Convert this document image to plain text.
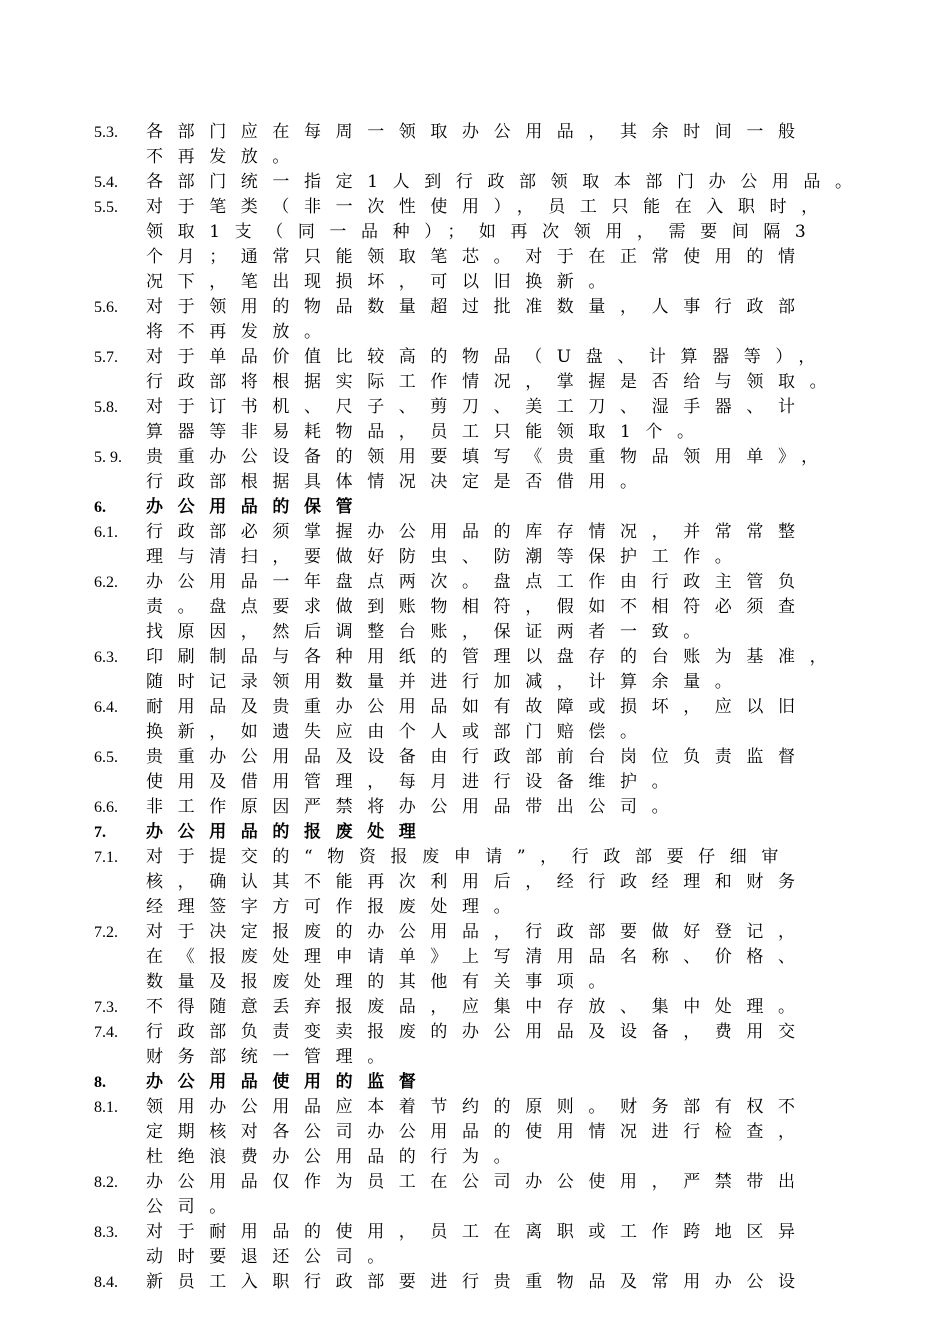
5.3.	各部门应在每周一领取办公用品，其余时间一般
不再发放。
5.4.	各部门统一指定1人到行政部领取本部门办公用品。
5.5.	对于笔类（非一次性使用），员工只能在入职时，
领取1支（同一品种）；如再次领用，需要间隔3
个月；通常只能领取笔芯。对于在正常使用的情
况下，笔出现损坏，可以旧换新。
5.6.	对于领用的物品数量超过批准数量，人事行政部
将不再发放。
5.7.	对于单品价值比较高的物品（U盘、计算器等），
行政部将根据实际工作情况，掌握是否给与领取。
5.8.	对于订书机、尺子、剪刀、美工刀、湿手器、计
算器等非易耗物品，员工只能领取1个。
5. 9.	贵重办公设备的领用要填写《贵重物品领用单》，
行政部根据具体情况决定是否借用。
6.	办公用品的保管
6.1.	行政部必须掌握办公用品的库存情况，并常常整
理与清扫，要做好防虫、防潮等保护工作。
6.2.	办公用品一年盘点两次。盘点工作由行政主管负
责。盘点要求做到账物相符，假如不相符必须查
找原因，然后调整台账，保证两者一致。
6.3.	印刷制品与各种用纸的管理以盘存的台账为基准，
随时记录领用数量并进行加减，计算余量。
6.4.	耐用品及贵重办公用品如有故障或损坏，应以旧
换新，如遗失应由个人或部门赔偿。
6.5.	贵重办公用品及设备由行政部前台岗位负责监督
使用及借用管理，每月进行设备维护。
6.6.	非工作原因严禁将办公用品带出公司。
7.	办公用品的报废处理
7.1.	对于提交的“物资报废申请”，行政部要仔细审
核，确认其不能再次利用后，经行政经理和财务
经理签字方可作报废处理。
7.2.	对于决定报废的办公用品，行政部要做好登记，
在《报废处理申请单》上写清用品名称、价格、
数量及报废处理的其他有关事项。
7.3.	不得随意丢弃报废品，应集中存放、集中处理。
7.4.	行政部负责变卖报废的办公用品及设备，费用交
财务部统一管理。
8.	办公用品使用的监督
8.1.	领用办公用品应本着节约的原则。财务部有权不
定期核对各公司办公用品的使用情况进行检查，
杜绝浪费办公用品的行为。
8.2.	办公用品仅作为员工在公司办公使用，严禁带出
公司。
8.3.	对于耐用品的使用，员工在离职或工作跨地区异
动时要退还公司。
8.4.	新员工入职行政部要进行贵重物品及常用办公设
